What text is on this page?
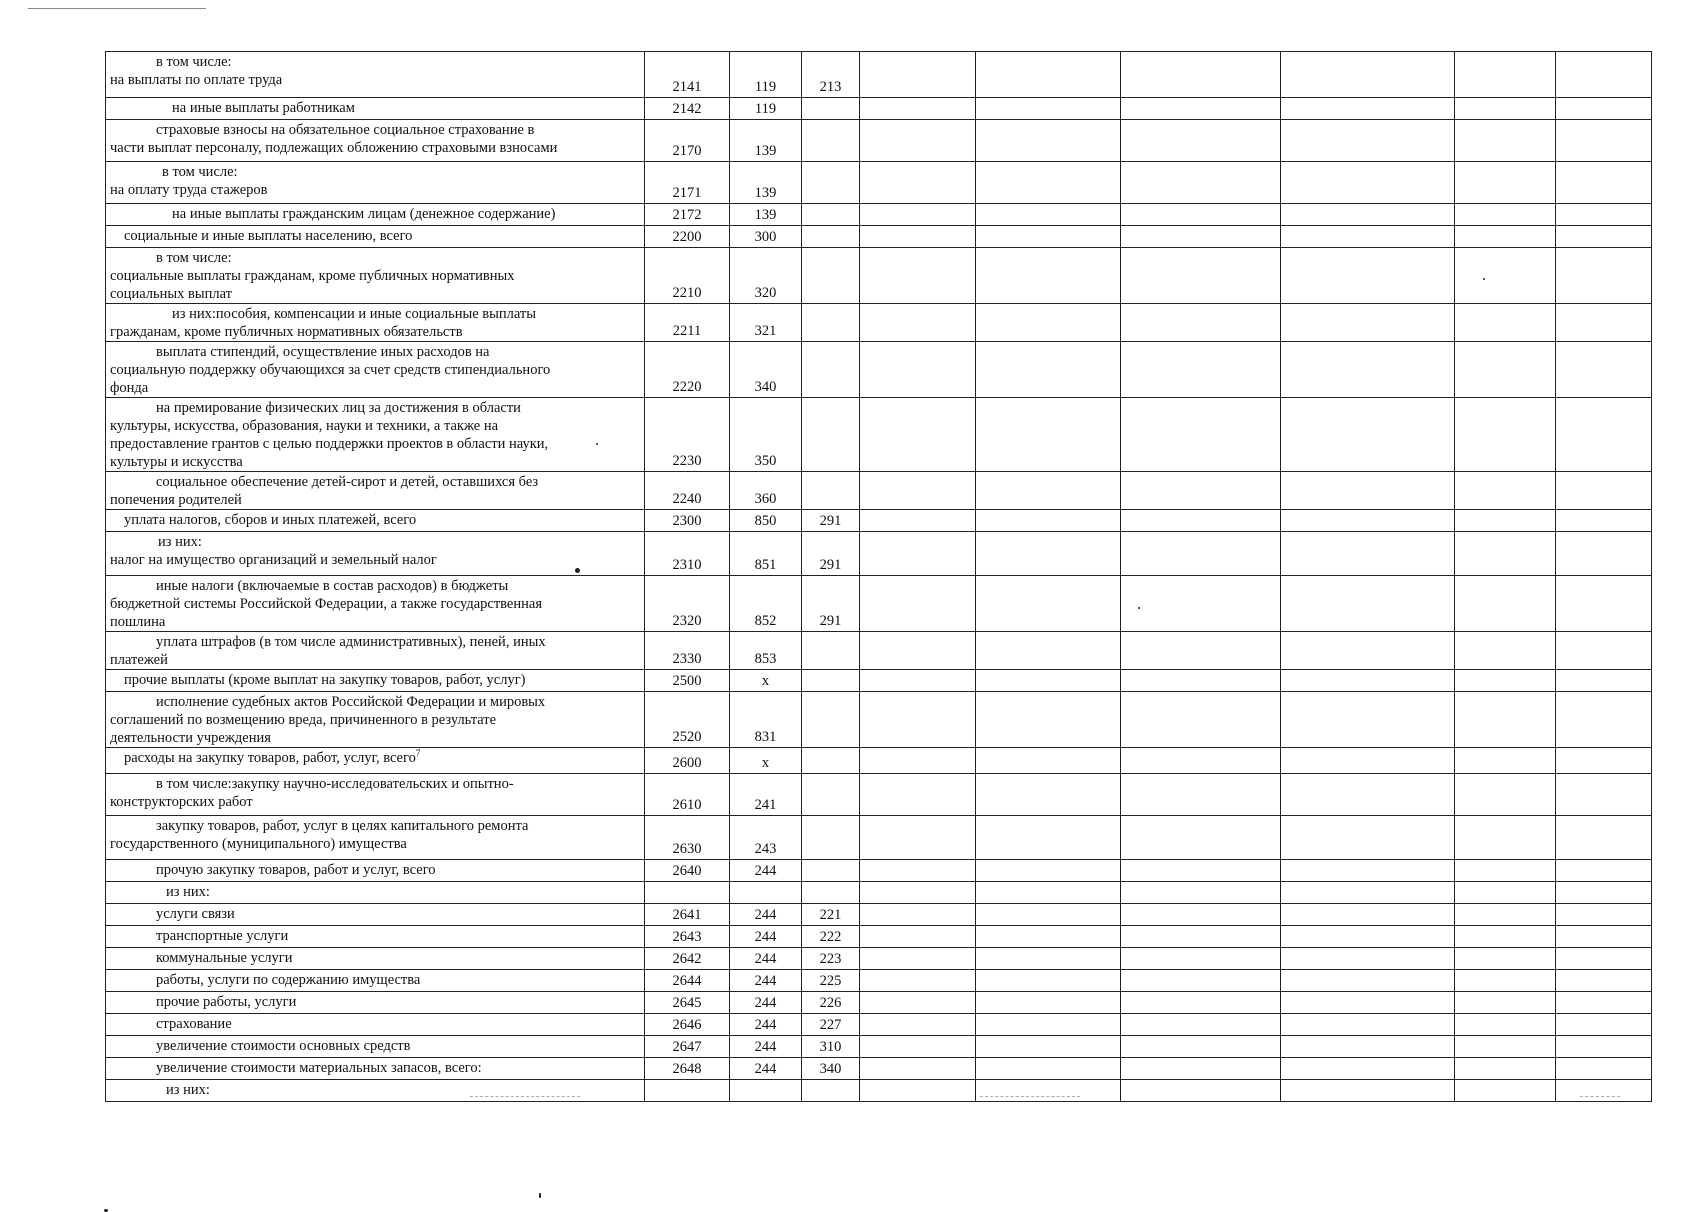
в том числе:
на выплаты по оплате труда	2141	119	213						

на иные выплаты работникам	2142	119							

страховые взносы на обязательное социальное страхование в
части выплат персоналу, подлежащих обложению страховыми взносами	2170	139							

в том числе:
на оплату труда стажеров	2171	139							

на иные выплаты гражданским лицам (денежное содержание)	2172	139							

социальные и иные выплаты населению, всего	2200	300							

в том числе:
социальные выплаты гражданам, кроме публичных нормативных
социальных выплат	2210	320							

из них:пособия, компенсации и иные социальные выплаты
гражданам, кроме публичных нормативных обязательств	2211	321							

выплата стипендий, осуществление иных расходов на
социальную поддержку обучающихся за счет средств стипендиального
фонда	2220	340							

на премирование физических лиц за достижения в области
культуры, искусства, образования, науки и техники, а также на
предоставление грантов с целью поддержки проектов в области науки,
культуры и искусства	2230	350							

социальное обеспечение детей-сирот и детей, оставшихся без
попечения родителей	2240	360							

уплата налогов, сборов и иных платежей, всего	2300	850	291						

из них:
налог на имущество организаций и земельный налог	2310	851	291						

иные налоги (включаемые в состав расходов) в бюджеты
бюджетной системы Российской Федерации, а также государственная
пошлина	2320	852	291						

уплата штрафов (в том числе административных), пеней, иных
платежей	2330	853							

прочие выплаты (кроме выплат на закупку товаров, работ, услуг)	2500	x							

исполнение судебных актов Российской Федерации и мировых
соглашений по возмещению вреда, причиненного в результате
деятельности учреждения	2520	831							

расходы на закупку товаров, работ, услуг, всего$^7$	2600	x							

в том числе:закупку научно-исследовательских и опытно-
конструкторских работ	2610	241							

закупку товаров, работ, услуг в целях капитального ремонта
государственного (муниципального) имущества	2630	243							

прочую закупку товаров, работ и услуг, всего	2640	244							

из них:									

услуги связи	2641	244	221						

транспортные услуги	2643	244	222						

коммунальные услуги	2642	244	223						

работы, услуги по содержанию имущества	2644	244	225						

прочие работы, услуги	2645	244	226						

страхование	2646	244	227						

увеличение стоимости основных средств	2647	244	310						

увеличение стоимости материальных запасов, всего:	2648	244	340						

из них:									
